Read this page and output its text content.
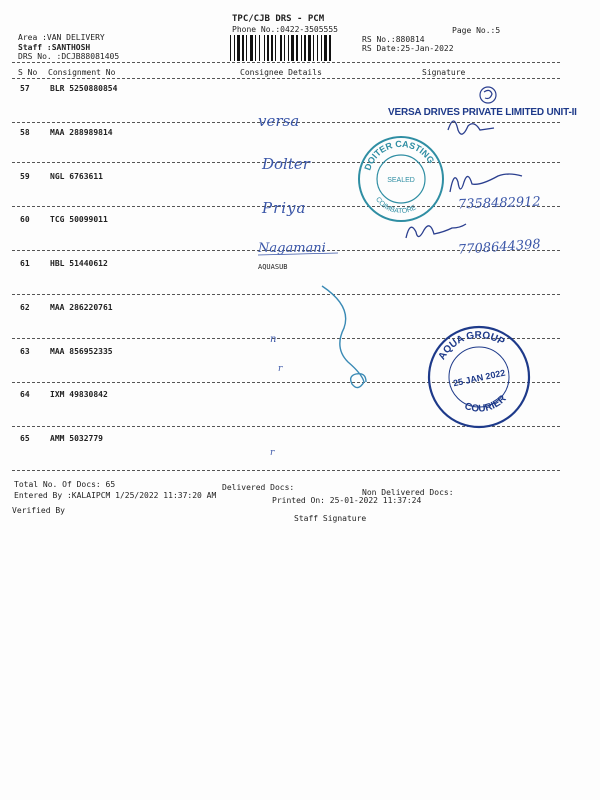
TPC/CJB DRS - PCM
Phone No.:0422-3505555	Page No.:5
Area :VAN DELIVERY
Staff :SANTHOSH
DRS No. :DCJB88081405
RS No.:880814
RS Date:25-Jan-2022
S No Consignment No	Consignee Details	Signature
57	BLR 5250880854
58	MAA 288989814
59	NGL 6763611
60	TCG 50099011
61	HBL 51440612	AQUASUB
62	MAA 286220761
63	MAA 856952335
64	IXM 49830842
65	AMM 5032779
versa
Dolter
Priya
Nagamani
7358482912
7708644398
n
r
r
VERSA DRIVES PRIVATE LIMITED UNIT-II
DOITER CASTING
COIMBATORE
SEALED
AQUA GROUP
COURIER
25 JAN 2022
Total No. Of Docs: 65	Delivered Docs:
Non Delivered Docs:
Entered By :KALAIPCM 1/25/2022 11:37:20 AM
Printed On: 25-01-2022 11:37:24
Verified By
Staff Signature
